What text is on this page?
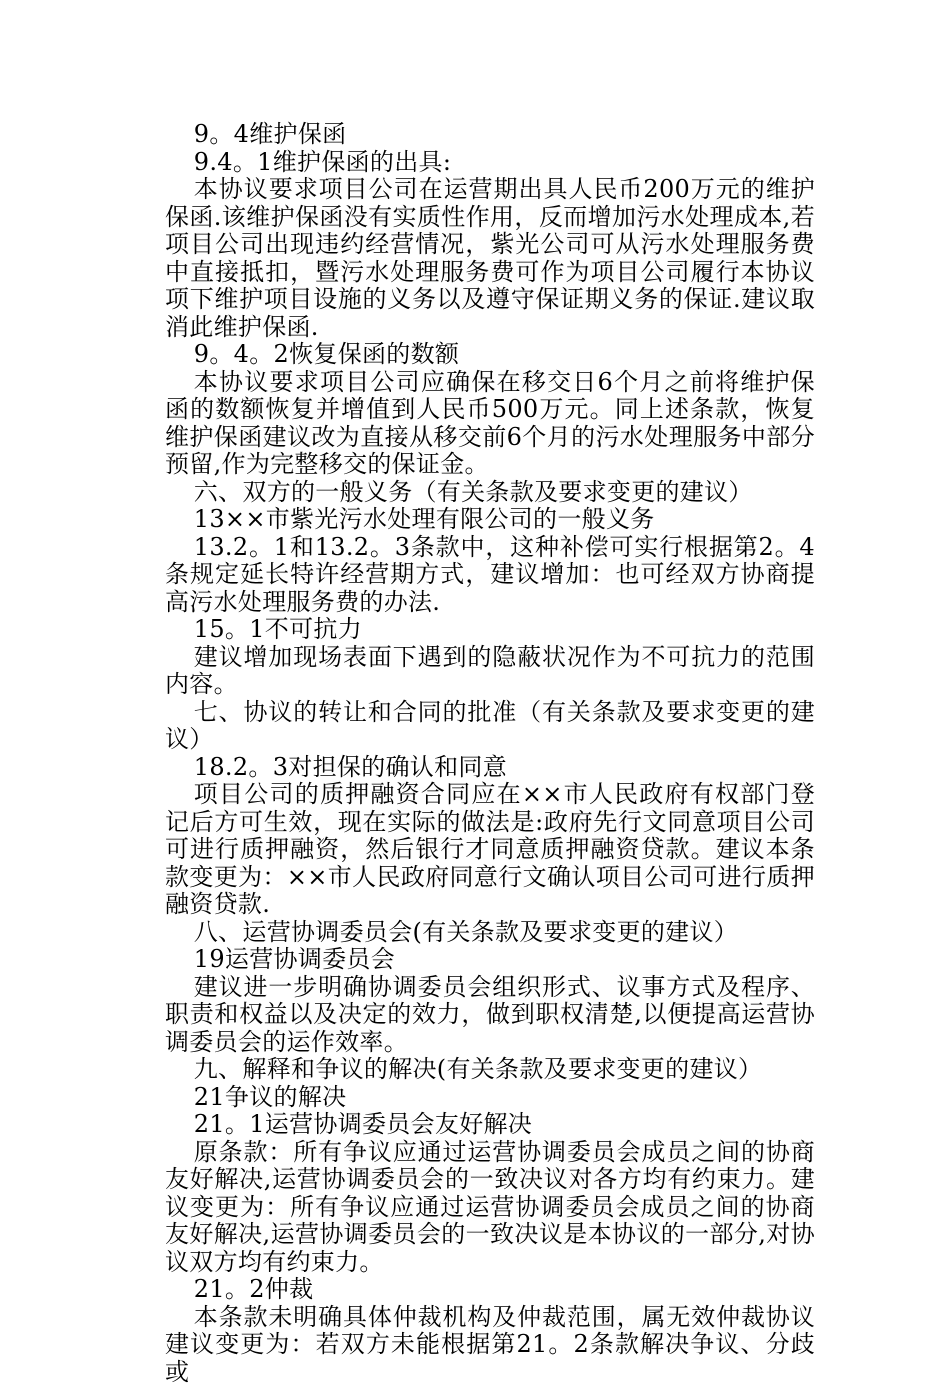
9。4维护保函

9.4。1维护保函的出具:

本协议要求项目公司在运营期出具人民币200万元的维护保函.该维护保函没有实质性作用，反而增加污水处理成本,若项目公司出现违约经营情况，紫光公司可从污水处理服务费中直接抵扣，暨污水处理服务费可作为项目公司履行本协议项下维护项目设施的义务以及遵守保证期义务的保证.建议取消此维护保函.

9。4。2恢复保函的数额

本协议要求项目公司应确保在移交日6个月之前将维护保函的数额恢复并增值到人民币500万元。同上述条款，恢复维护保函建议改为直接从移交前6个月的污水处理服务中部分预留,作为完整移交的保证金。

六、双方的一般义务（有关条款及要求变更的建议）

13××市紫光污水处理有限公司的一般义务

13.2。1和13.2。3条款中，这种补偿可实行根据第2。4条规定延长特许经营期方式，建议增加：也可经双方协商提高污水处理服务费的办法.

15。1不可抗力

建议增加现场表面下遇到的隐蔽状况作为不可抗力的范围内容。

七、协议的转让和合同的批准（有关条款及要求变更的建议）

18.2。3对担保的确认和同意

项目公司的质押融资合同应在××市人民政府有权部门登记后方可生效，现在实际的做法是:政府先行文同意项目公司可进行质押融资，然后银行才同意质押融资贷款。建议本条款变更为：××市人民政府同意行文确认项目公司可进行质押融资贷款.

八、运营协调委员会(有关条款及要求变更的建议）

19运营协调委员会

建议进一步明确协调委员会组织形式、议事方式及程序、职责和权益以及决定的效力，做到职权清楚,以便提高运营协调委员会的运作效率。

九、解释和争议的解决(有关条款及要求变更的建议）

21争议的解决

21。1运营协调委员会友好解决

原条款：所有争议应通过运营协调委员会成员之间的协商友好解决,运营协调委员会的一致决议对各方均有约束力。建议变更为：所有争议应通过运营协调委员会成员之间的协商友好解决,运营协调委员会的一致决议是本协议的一部分,对协议双方均有约束力。

21。2仲裁

本条款未明确具体仲裁机构及仲裁范围，属无效仲裁协议建议变更为：若双方未能根据第21。2条款解决争议、分歧或
